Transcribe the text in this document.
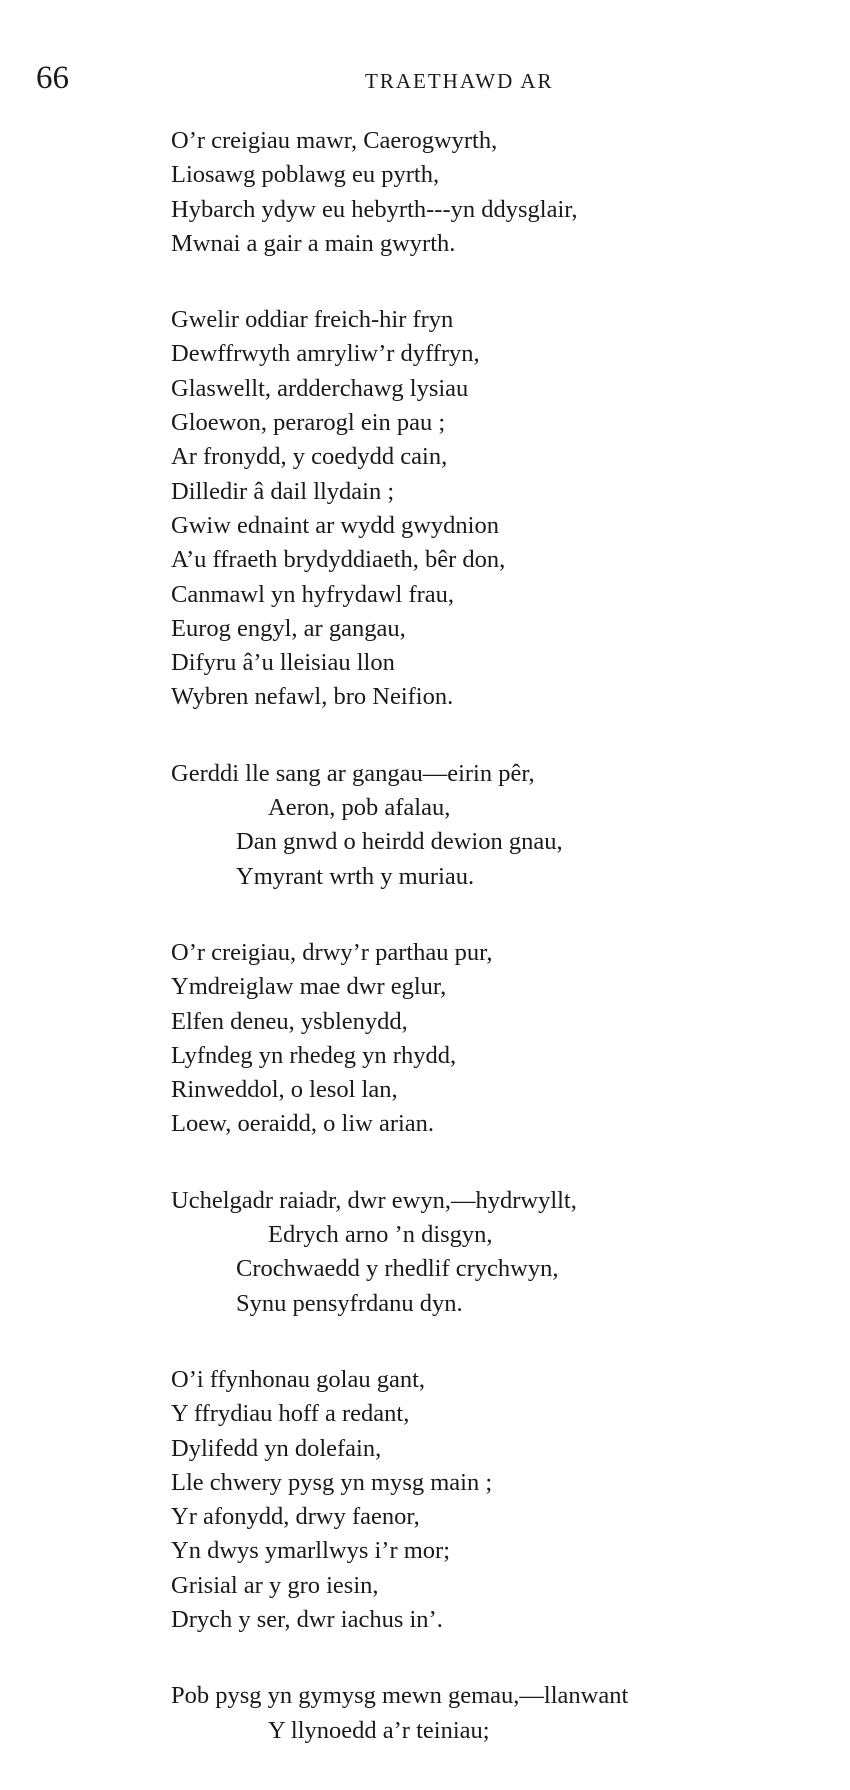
66	TRAETHAWD AR
O’r creigiau mawr, Caerogwyrth,
Liosawg poblawg eu pyrth,
Hybarch ydyw eu hebyrth---yn ddysglair,
Mwnai a gair a main gwyrth.
Gwelir oddiar freich-hir fryn
Dewffrwyth amryliw’r dyffryn,
Glaswellt, ardderchawg lysiau
Gloewon, perarogl ein pau ;
Ar fronydd, y coedydd cain,
Dilledir â dail llydain ;
Gwiw ednaint ar wydd gwydnion
A’u ffraeth brydyddiaeth, bêr don,
Canmawl yn hyfrydawl frau,
Eurog engyl, ar gangau,
Difyru â’u lleisiau llon
Wybren nefawl, bro Neifion.
Gerddi lle sang ar gangau—eirin pêr,
Aeron, pob afalau,
Dan gnwd o heirdd dewion gnau,
Ymyrant wrth y muriau.
O’r creigiau, drwy’r parthau pur,
Ymdreiglaw mae dwr eglur,
Elfen deneu, ysblenydd,
Lyfndeg yn rhedeg yn rhydd,
Rinweddol, o lesol lan,
Loew, oeraidd, o liw arian.
Uchelgadr raiadr, dwr ewyn,—hydrwyllt,
Edrych arno ’n disgyn,
Crochwaedd y rhedlif crychwyn,
Synu pensyfrdanu dyn.
O’i ffynhonau golau gant,
Y ffrydiau hoff a redant,
Dylifedd yn dolefain,
Lle chwery pysg yn mysg main ;
Yr afonydd, drwy faenor,
Yn dwys ymarllwys i’r mor;
Grisial ar y gro iesin,
Drych y ser, dwr iachus in’.
Pob pysg yn gymysg mewn gemau,—llanwant
Y llynoedd a’r teiniau;
